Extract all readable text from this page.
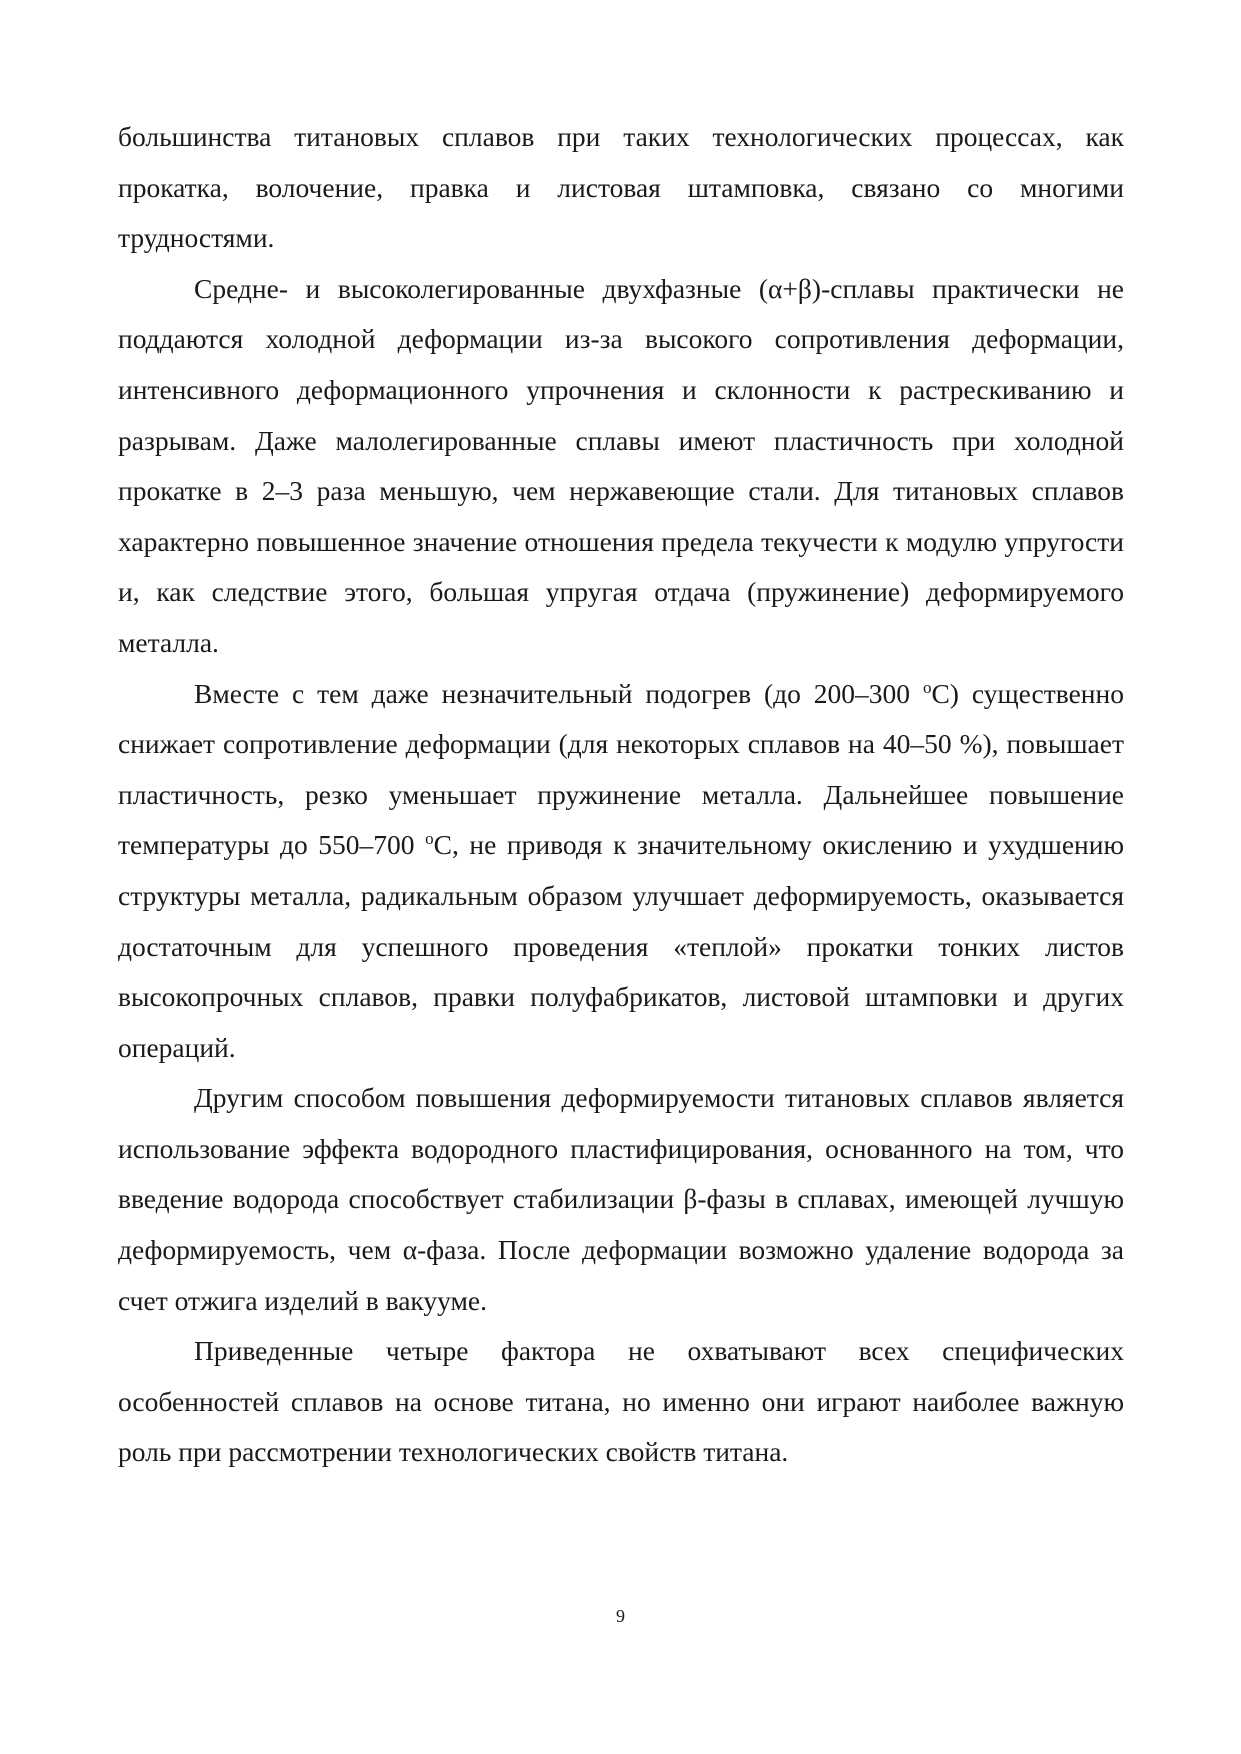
большинства титановых сплавов при таких технологических процессах, как прокатка, волочение, правка и листовая штамповка, связано со многими трудностями.

Средне- и высоколегированные двухфазные (α+β)-сплавы практически не поддаются холодной деформации из-за высокого сопротивления деформации, интенсивного деформационного упрочнения и склонности к растрескиванию и разрывам. Даже малолегированные сплавы имеют пластичность при холодной прокатке в 2–3 раза меньшую, чем нержавеющие стали. Для титановых сплавов характерно повышенное значение отношения предела текучести к модулю упругости и, как следствие этого, большая упругая отдача (пружинение) деформируемого металла.

Вместе с тем даже незначительный подогрев (до 200–300 $^o$С) существенно снижает сопротивление деформации (для некоторых сплавов на 40–50 %), повышает пластичность, резко уменьшает пружинение металла. Дальнейшее повышение температуры до 550–700 $^o$С, не приводя к значительному окислению и ухудшению структуры металла, радикальным образом улучшает деформируемость, оказывается достаточным для успешного проведения «теплой» прокатки тонких листов высокопрочных сплавов, правки полуфабрикатов, листовой штамповки и других операций.

Другим способом повышения деформируемости титановых сплавов является использование эффекта водородного пластифицирования, основанного на том, что введение водорода способствует стабилизации β-фазы в сплавах, имеющей лучшую деформируемость, чем α-фаза. После деформации возможно удаление водорода за счет отжига изделий в вакууме.

Приведенные четыре фактора не охватывают всех специфических особенностей сплавов на основе титана, но именно они играют наиболее важную роль при рассмотрении технологических свойств титана.

9
